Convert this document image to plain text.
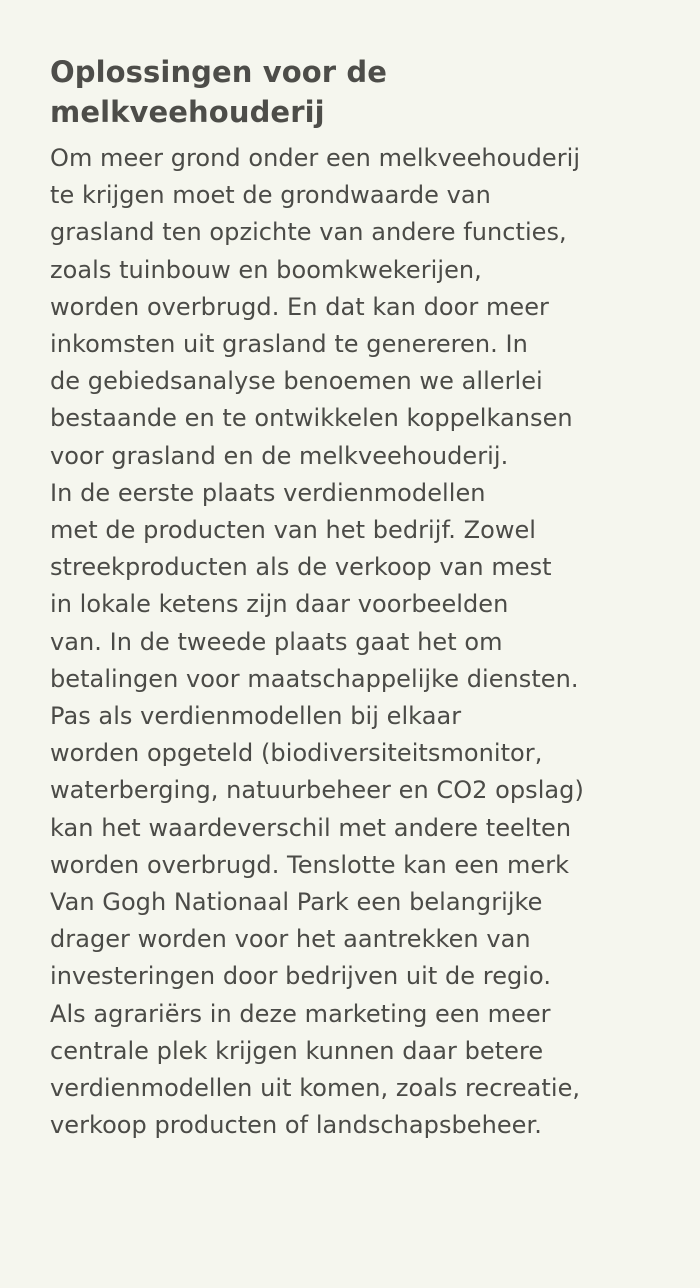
Oplossingen voor de
melkveehouderij
Om meer grond onder een melkveehouderij
te krijgen moet de grondwaarde van
grasland ten opzichte van andere functies,
zoals tuinbouw en boomkwekerijen,
worden overbrugd. En dat kan door meer
inkomsten uit grasland te genereren. In
de gebiedsanalyse benoemen we allerlei
bestaande en te ontwikkelen koppelkansen
voor grasland en de melkveehouderij.
In de eerste plaats verdienmodellen
met de producten van het bedrijf. Zowel
streekproducten als de verkoop van mest
in lokale ketens zijn daar voorbeelden
van. In de tweede plaats gaat het om
betalingen voor maatschappelijke diensten.
Pas als verdienmodellen bij elkaar
worden opgeteld (biodiversiteitsmonitor,
waterberging, natuurbeheer en CO2 opslag)
kan het waardeverschil met andere teelten
worden overbrugd. Tenslotte kan een merk
Van Gogh Nationaal Park een belangrijke
drager worden voor het aantrekken van
investeringen door bedrijven uit de regio.
Als agrariërs in deze marketing een meer
centrale plek krijgen kunnen daar betere
verdienmodellen uit komen, zoals recreatie,
verkoop producten of landschapsbeheer.
